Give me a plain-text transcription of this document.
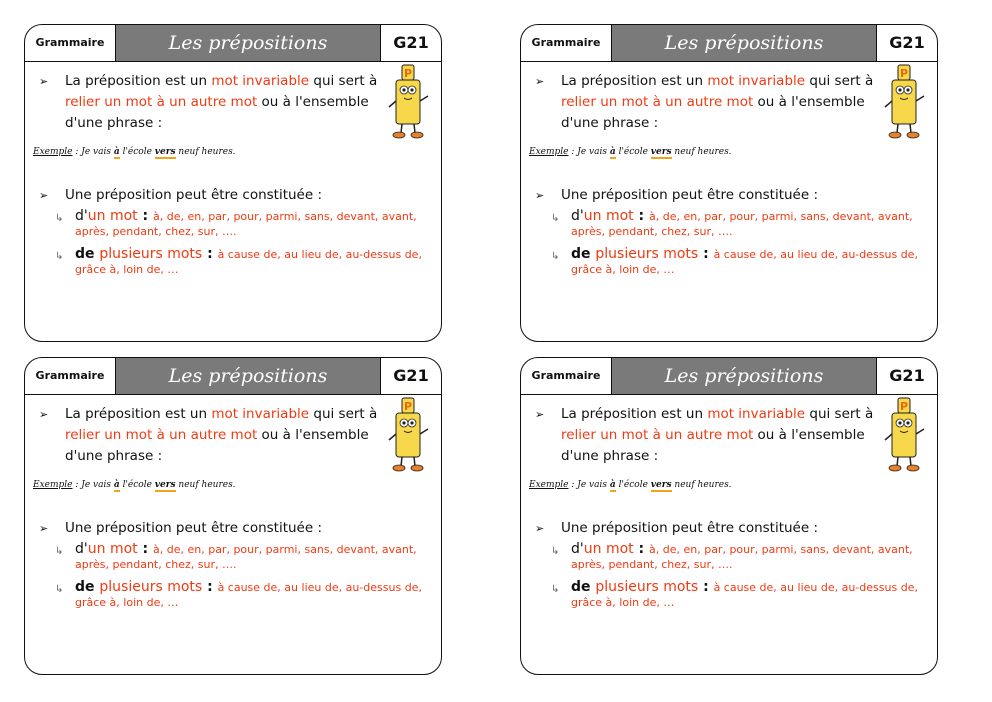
Grammaire	Les prépositions	G21
➢	La préposition est un mot invariable qui sert à relier un mot à un autre mot ou à l'ensemble d'une phrase :
P
Exemple : Je vais à l'école vers neuf heures.
➢ Une préposition peut être constituée :
↳ d'un mot : à, de, en, par, pour, parmi, sans, devant, avant, après, pendant, chez, sur, ….
↳ de plusieurs mots : à cause de, au lieu de, au-dessus de, grâce à, loin de, …
Grammaire	Les prépositions	G21
➢	La préposition est un mot invariable qui sert à relier un mot à un autre mot ou à l'ensemble d'une phrase :
P
Exemple : Je vais à l'école vers neuf heures.
➢ Une préposition peut être constituée :
↳ d'un mot : à, de, en, par, pour, parmi, sans, devant, avant, après, pendant, chez, sur, ….
↳ de plusieurs mots : à cause de, au lieu de, au-dessus de, grâce à, loin de, …
Grammaire	Les prépositions	G21
➢	La préposition est un mot invariable qui sert à relier un mot à un autre mot ou à l'ensemble d'une phrase :
P
Exemple : Je vais à l'école vers neuf heures.
➢ Une préposition peut être constituée :
↳ d'un mot : à, de, en, par, pour, parmi, sans, devant, avant, après, pendant, chez, sur, ….
↳ de plusieurs mots : à cause de, au lieu de, au-dessus de, grâce à, loin de, …
Grammaire	Les prépositions	G21
➢	La préposition est un mot invariable qui sert à relier un mot à un autre mot ou à l'ensemble d'une phrase :
P
Exemple : Je vais à l'école vers neuf heures.
➢ Une préposition peut être constituée :
↳ d'un mot : à, de, en, par, pour, parmi, sans, devant, avant, après, pendant, chez, sur, ….
↳ de plusieurs mots : à cause de, au lieu de, au-dessus de, grâce à, loin de, …
